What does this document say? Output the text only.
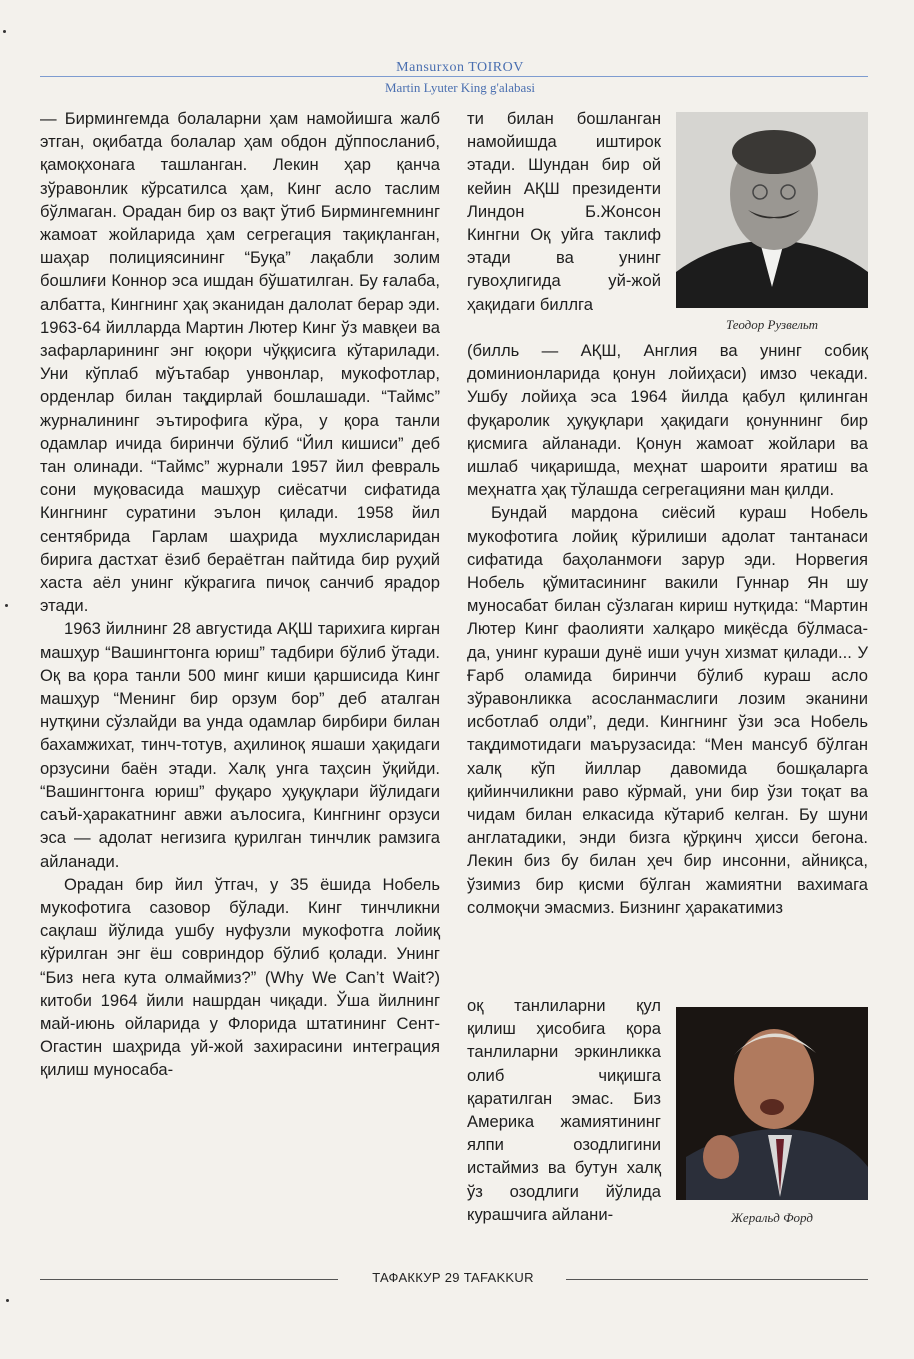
Mansurxon TOIROV
Martin Lyuter King g'alabasi

— Бирмингемда болаларни ҳам намойишга жалб этган, оқибатда болалар ҳам обдон дўппосланиб, қамоқхонага ташланган. Лекин ҳар қанча зўравонлик кўрсатилса ҳам, Кинг асло таслим бўлмаган. Орадан бир оз вақт ўтиб Бирмингемнинг жамоат жойларида ҳам сегрегация тақиқланган, шаҳар полициясининг “Буқа” лақабли золим бошлиғи Коннор эса ишдан бўшатилган. Бу ғалаба, албатта, Кингнинг ҳақ эканидан далолат берар эди. 1963-64 йилларда Мартин Лютер Кинг ўз мавқеи ва зафарларининг энг юқори чўққисига кўтарилади. Уни кўплаб мўътабар унвонлар, мукофотлар, орденлар билан тақдирлай бошлашади. “Таймс” журналининг эътирофига кўра, у қора танли одамлар ичида биринчи бўлиб “Йил кишиси” деб тан олинади. “Таймс” журнали 1957 йил февраль сони муқовасида машҳур сиёсатчи сифатида Кингнинг суратини эълон қилади. 1958 йил сентябрида Гарлам шаҳрида мухлисларидан бирига дастхат ёзиб бераётган пайтида бир руҳий хаста аёл унинг кўкрагига пичоқ санчиб ярадор этади.

1963 йилнинг 28 августида АҚШ тарихига кирган машҳур “Вашингтонга юриш” тадбири бўлиб ўтади. Оқ ва қора танли 500 минг киши қаршисида Кинг машҳур “Менинг бир орзум бор” деб аталган нутқини сўзлайди ва унда одамлар бирбири билан бахамжихат, тинч-тотув, аҳилиноқ яшаши ҳақидаги орзусини баён этади. Халқ унга таҳсин ўқийди. “Вашингтонга юриш” фуқаро ҳуқуқлари йўлидаги саъй-ҳаракатнинг авжи аълосига, Кингнинг орзуси эса — адолат негизига қурилган тинчлик рамзига айланади.

Орадан бир йил ўтгач, у 35 ёшида Нобель мукофотига сазовор бўлади. Кинг тинчликни сақлаш йўлида ушбу нуфузли мукофотга лойиқ кўрилган энг ёш совриндор бўлиб қолади. Унинг “Биз нега кута олмаймиз?” (Why We Can’t Wait?) китоби 1964 йили нашрдан чиқади. Ўша йилнинг май-июнь ойларида у Флорида штатининг Сент-Огастин шаҳрида уй-жой захирасини интеграция қилиш муносаба-

ти билан бошланган намойишда иштирок этади. Шундан бир ой кейин АҚШ президенти Линдон Б.Жонсон Кингни Оқ уйга таклиф этади ва унинг гувоҳлигида уй-жой ҳақидаги биллга

Теодор Рузвельт

(билль — АҚШ, Англия ва унинг собиқ доминионларида қонун лойиҳаси) имзо чекади. Ушбу лойиҳа эса 1964 йилда қабул қилинган фуқаролик ҳуқуқлари ҳақидаги қонуннинг бир қисмига айланади. Қонун жамоат жойлари ва ишлаб чиқаришда, меҳнат шароити яратиш ва меҳнатга ҳақ тўлашда сегрегацияни ман қилди.

Бундай мардона сиёсий кураш Нобель мукофотига лойиқ кўрилиши адолат тантанаси сифатида баҳоланмоғи зарур эди. Норвегия Нобель қўмитасининг вакили Гуннар Ян шу муносабат билан сўзлаган кириш нутқида: “Мартин Лютер Кинг фаолияти халқаро миқёсда бўлмаса-да, унинг кураши дунё иши учун хизмат қилади... У Ғарб оламида биринчи бўлиб кураш асло зўравонликка асосланмаслиги лозим эканини исботлаб олди”, деди. Кингнинг ўзи эса Нобель тақдимотидаги маърузасида: “Мен мансуб бўлган халқ кўп йиллар давомида бошқаларга қийинчиликни раво кўрмай, уни бир ўзи тоқат ва чидам билан елкасида кўтариб келган. Бу шуни англатадики, энди бизга қўрқинч ҳисси бегона. Лекин биз бу билан ҳеч бир инсонни, айниқса, ўзимиз бир қисми бўлган жамиятни вахимага солмоқчи эмасмиз. Бизнинг ҳаракатимиз

оқ танлиларни қул қилиш ҳисобига қора танлиларни эркинликка олиб чиқишга қаратилган эмас. Биз Америка жамиятининг ялпи озодлигини истаймиз ва бутун халқ ўз озодлиги йўлида курашчига айлани-	Жеральд Форд
ТАФАККУР 29 TAFAKKUR
